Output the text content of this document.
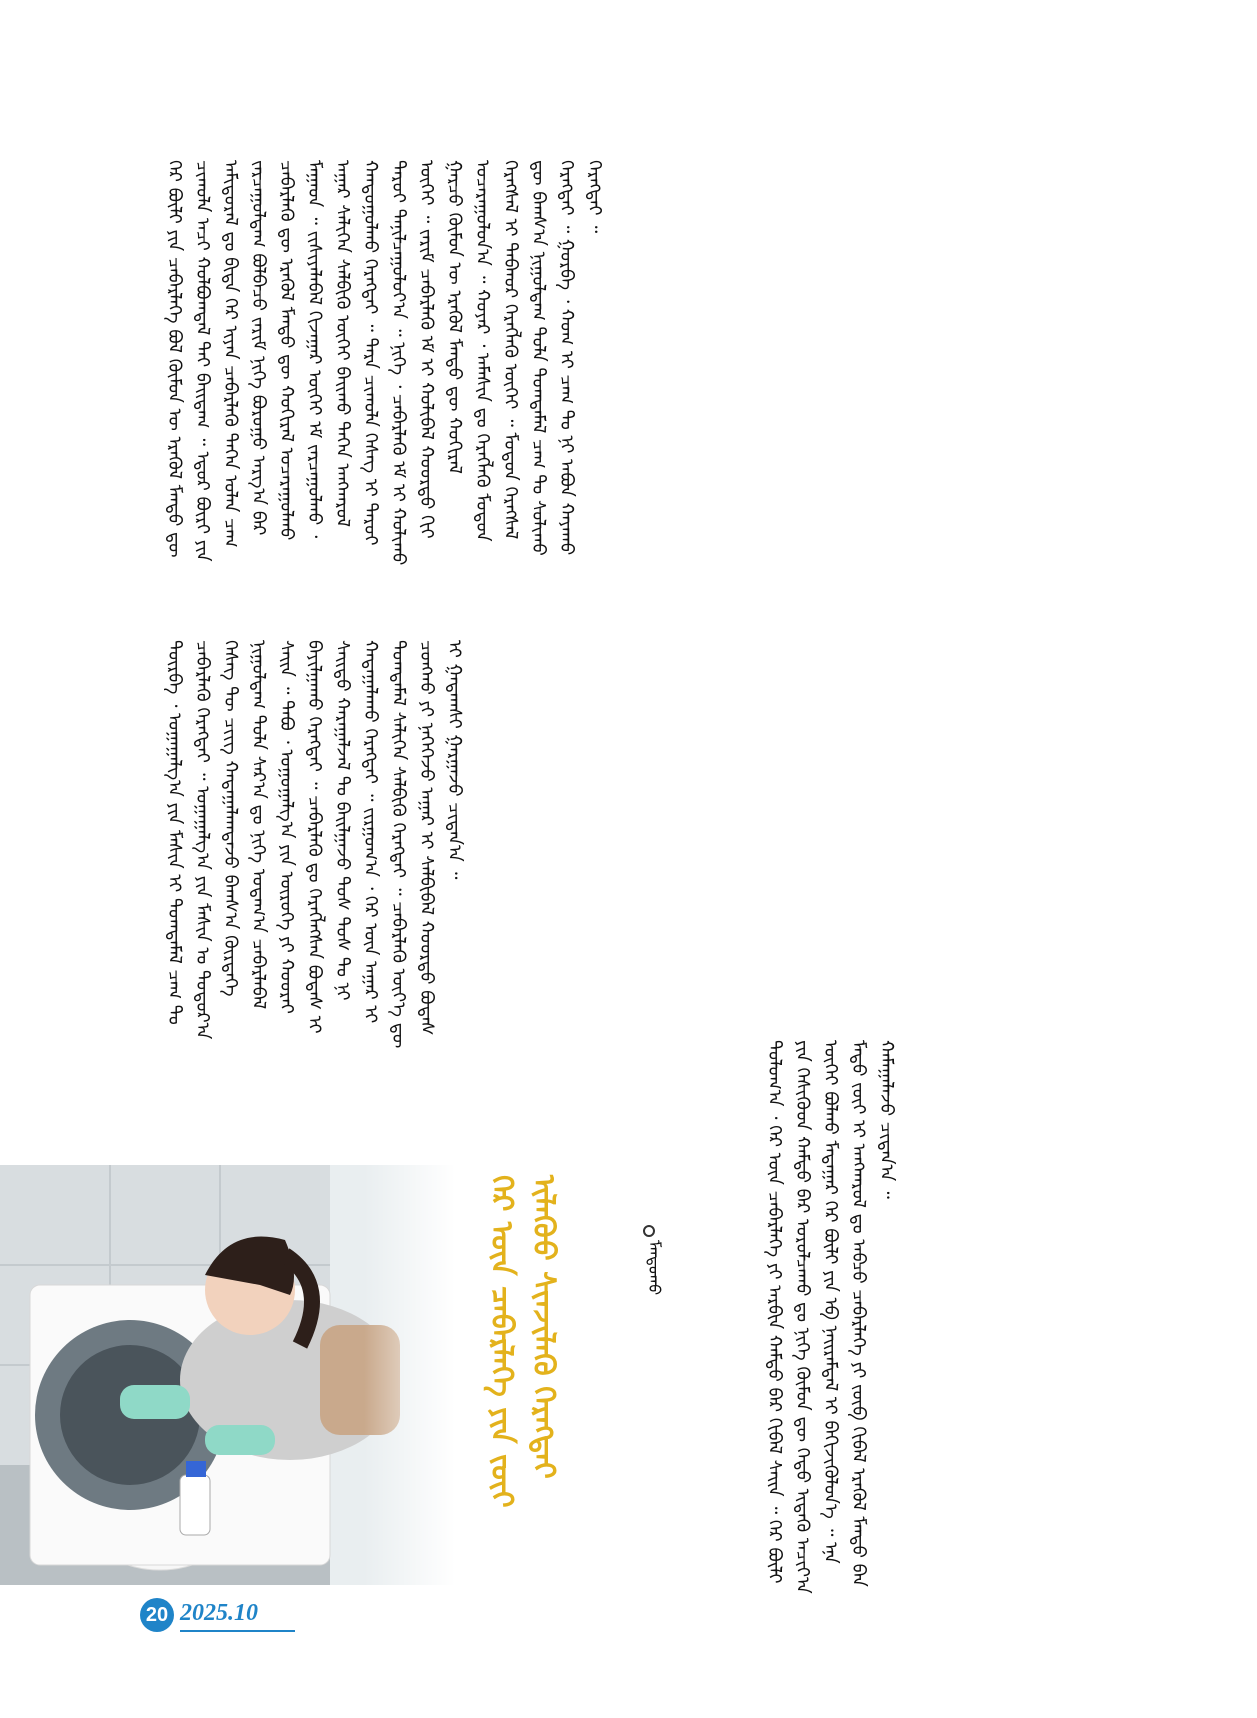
ᠭᠡᠷ ᠪᠦᠯᠢ ᠶᠢᠨ ᠴᠡᠪᠡᠷᠯᠡᠬᠡ ᠪᠣᠯ ᠬᠦᠮᠦᠨ ᠦ ᠡᠷᠡᠭᠦᠯ ᠮᠡᠨᠳᠦ ᠳᠦ ᠴᠢᠬᠤᠯᠠ ᠠᠴᠢ ᠬᠣᠯᠪᠣᠭᠳᠠᠯ ᠲᠠᠢ ᠪᠠᠢᠳᠠᠭ ᠃ ᠡᠳᠦᠷ ᠪᠦᠷᠢ ᠶᠢᠨ ᠠᠮᠢᠳᠤᠷᠠᠯ ᠳᠤ ᠪᠢᠳᠡ ᠭᠡᠷ ᠢᠶᠡᠨ ᠴᠡᠪᠡᠷᠯᠡᠬᠦ ᠳᠡᠭᠡᠨ ᠣᠯᠠᠨ ᠴᠠᠭ ᠵᠠᠷᠴᠠᠭᠤᠯᠳᠠᠭ ᠪᠣᠯᠪᠠᠴᠤ ᠵᠠᠷᠢᠮ ᠨᠢᠭᠡ ᠪᠤᠷᠤᠭᠤ ᠠᠷᠭ᠎ᠠ ᠪᠠᠷ ᠴᠡᠪᠡᠷᠯᠡᠬᠦ ᠳᠦ ᠡᠷᠡᠭᠦᠯ ᠮᠡᠨᠳᠦ ᠳᠦ ᠬᠣᠬᠢᠷᠠᠯ ᠤᠴᠠᠷᠠᠭᠤᠯᠬᠤ ᠮᠠᠭᠠᠳ ᠃ ᠵᠢᠱᠢᠶᠡᠯᠡᠪᠡᠯ ᠬᠢᠵᠠᠭᠠᠷ ᠦᠭᠡᠢ ᠡᠮ ᠵᠠᠷᠴᠠᠭᠤᠯᠬᠤ ᠂ ᠠᠭᠠᠷ ᠰᠡᠯᠢᠭᠡᠨ ᠰᠡᠯᠪᠢᠬᠦ ᠦᠭᠡᠢ ᠪᠠᠢᠬᠤ ᠳᠡᠭᠡᠨ ᠠᠩᠬᠠᠷᠤᠯ ᠬᠠᠨᠳᠤᠭᠤᠯᠬᠤ ᠬᠡᠷᠡᠭᠲᠡᠢ ᠃ ᠲᠡᠷᠡ ᠴᠢᠬᠤᠯᠠ ᠬᠡᠰᠡᠭ ᠢ ᠳᠠᠷᠤᠢ ᠳᠠᠷᠤᠢ ᠲᠠᠨᠢᠯᠴᠠᠭᠤᠯᠤᠶ᠎ᠠ ᠃ ᠨᠢᠭᠡ ᠂ ᠴᠡᠪᠡᠷᠯᠡᠬᠦ ᠡᠮ ᠢ ᠬᠣᠯᠢᠬᠤ ᠦᠭᠡᠢ ᠃ ᠵᠠᠷᠢᠮ ᠴᠡᠪᠡᠷᠯᠡᠬᠦ ᠡᠮ ᠢ ᠬᠣᠯᠢᠪᠠᠯ ᠬᠣᠣᠷᠲᠤ ᠬᠢᠢ ᠭᠠᠷᠴᠤ ᠬᠦᠮᠦᠨ ᠦ ᠡᠷᠡᠭᠦᠯ ᠮᠡᠨᠳᠦ ᠳᠦ ᠬᠣᠬᠢᠷᠠᠯ ᠤᠴᠠᠷᠠᠭᠤᠯᠤᠨ᠎ᠠ ᠃ ᠬᠣᠶᠠᠷ ᠂ ᠠᠮᠠᠰᠢᠨ ᠳᠤ ᠬᠡᠷᠡᠭᠯᠡᠬᠦ ᠮᠣᠳᠤᠨ ᠬᠡᠷᠡᠭᠰᠡᠯ ᠢ ᠳᠠᠪᠬᠤᠷ ᠬᠡᠷᠡᠭᠯᠡᠬᠦ ᠦᠭᠡᠢ ᠃ ᠮᠣᠳᠤᠨ ᠬᠡᠷᠡᠭᠰᠡᠯ ᠳᠦ ᠪᠠᠭᠰ᠎ᠠ ᠨᠢᠭᠤᠯᠳᠠᠭ ᠲᠤᠯᠠ ᠲᠣᠭᠲᠠᠮᠠᠯ ᠴᠠᠭ ᠲᠤ ᠰᠣᠯᠢᠬᠤ ᠬᠡᠷᠡᠭᠲᠡᠢ ᠃ ᠭᠤᠷᠪᠠ ᠂ ᠬᠣᠭ ᠢ ᠴᠠᠭ ᠲᠤ ᠨᠢ ᠠᠪᠤᠨ ᠬᠠᠶᠠᠬᠤ ᠬᠡᠷᠡᠭᠲᠡᠢ ᠃
ᠳᠥᠷᠪᠡ ᠂ ᠤᠭᠠᠭᠠᠯᠭ᠎ᠠ ᠶᠢᠨ ᠮᠠᠰᠢᠨ ᠢ ᠲᠣᠭᠲᠠᠮᠠᠯ ᠴᠠᠭ ᠲᠤ ᠴᠡᠪᠡᠷᠯᠡᠬᠦ ᠬᠡᠷᠡᠭᠲᠡᠢ ᠃ ᠤᠭᠠᠭᠠᠯᠭ᠎ᠠ ᠶᠢᠨ ᠮᠠᠰᠢᠨ ᠤ ᠳᠣᠲᠣᠷ᠎ᠠ ᠬᠡᠰᠡᠭ ᠲᠦ ᠴᠢᠢᠭ ᠬᠠᠳᠠᠭᠠᠯᠠᠭᠳᠠᠵᠤ ᠪᠠᠭᠰ᠎ᠠ ᠬᠦᠷᠲᠡᠭᠡ ᠨᠢᠭᠤᠯᠳᠠᠭ ᠲᠤᠯᠠ ᠰᠠᠷ᠎ᠠ ᠳᠤ ᠨᠢᠭᠡ ᠤᠳᠠᠭ᠎ᠠ ᠴᠡᠪᠡᠷᠯᠡᠪᠡᠯ ᠰᠠᠢᠨ ᠃ ᠲᠠᠪᠤ ᠂ ᠤᠭᠤᠭᠠᠯᠭ᠎ᠠ ᠶᠢᠨ ᠥᠷᠥᠭᠡ ᠶᠢ ᠬᠤᠤᠷᠠᠢ ᠪᠠᠶᠢᠯᠭᠠᠬᠤ ᠬᠡᠷᠡᠭᠲᠡᠢ ᠃ ᠴᠡᠪᠡᠷᠯᠡᠬᠦ ᠳᠤ ᠬᠡᠷᠡᠭᠯᠡᠭᠰᠡᠨ ᠪᠣᠳᠠᠰ ᠢ ᠰᠠᠢᠲᠤ ᠬᠠᠷᠠᠭᠠᠯᠵᠠᠯ ᠲᠤ ᠪᠠᠢᠯᠭᠠᠵᠤ ᠲᠤᠰ ᠲᠤᠰ ᠲᠤ ᠨᠢ ᠬᠠᠳᠠᠭᠠᠯᠠᠬᠤ ᠬᠡᠷᠡᠭᠲᠡᠢ ᠃ ᠵᠢᠷᠭᠤᠭ᠎ᠠ ᠂ ᠭᠡᠷ ᠦᠨ ᠠᠭᠠᠷ ᠢ ᠲᠣᠭᠲᠠᠮᠠᠯ ᠰᠡᠯᠢᠭᠡᠨ ᠰᠡᠯᠪᠢᠬᠦ ᠬᠡᠷᠡᠭᠲᠡᠢ ᠃ ᠴᠡᠪᠡᠷᠯᠡᠬᠦ ᠦᠶ᠎ᠡ ᠳᠦ ᠴᠣᠩᠬᠣ ᠶᠢ ᠨᠡᠭᠡᠭᠡᠵᠦ ᠠᠭᠠᠷ ᠢ ᠰᠡᠯᠪᠢᠪᠡᠯ ᠬᠣᠣᠷᠲᠤ ᠪᠣᠳᠠᠰ ᠢ ᠭᠠᠳᠠᠭᠰᠢ ᠭᠠᠷᠭᠠᠵᠤ ᠴᠢᠳᠠᠨ᠎ᠠ ᠃
ᠳᠣᠯᠣᠭ᠎ᠠ ᠂ ᠭᠡᠷ ᠦᠨ ᠴᠡᠪᠡᠷᠯᠡᠬᠡ ᠶᠢ ᠠᠷᠪᠢᠨ ᠬᠠᠮᠲᠤ ᠪᠡᠷ ᠬᠢᠪᠡᠯ ᠰᠠᠢᠨ ᠃ ᠭᠡᠷ ᠪᠦᠯᠢ ᠶᠢᠨ ᠭᠡᠰᠢᠭᠦᠳ ᠬᠠᠮᠲᠤ ᠪᠡᠷ ᠣᠷᠣᠯᠴᠠᠬᠤ ᠳᠤ ᠨᠢᠭᠡ ᠬᠦᠮᠦᠨ ᠳᠦ ᠬᠡᠲᠦ ᠢᠳᠡᠬᠦ ᠠᠴᠢᠶ᠎ᠠ ᠦᠭᠡᠢ ᠪᠣᠯᠬᠤ ᠮᠠᠲᠠᠭᠠᠷ ᠭᠡᠷ ᠪᠦᠯᠢ ᠶᠢᠨ ᠡᠪ ᠨᠠᠢᠷᠠᠮᠳᠠᠯ ᠢ ᠪᠡᠬᠢᠵᠢᠭᠦᠯᠦᠨ᠎ᠡ ᠃ ᠡᠨᠡ ᠮᠡᠲᠦ ᠵᠦᠢ ᠢ ᠠᠨᠭᠬᠠᠷᠤᠯ ᠳᠤ ᠠᠪᠴᠤ ᠴᠡᠪᠡᠷᠯᠡᠬᠡ ᠶᠢ ᠵᠥᠪ ᠬᠢᠪᠡᠯ ᠡᠷᠡᠭᠦᠯ ᠮᠡᠨᠳᠦ ᠪᠡᠨ ᠬᠠᠮᠠᠭᠠᠯᠠᠵᠤ ᠴᠢᠳᠠᠨ᠎ᠠ ᠃
ᠭᠡᠷ ᠦᠨ ᠴᠡᠪᠡᠷᠯᠡᠬᠡ ᠶᠢᠨ ᠵᠦᠢ ᠢᠯᠡᠭᠦᠦ ᠰᠢᠨᠵᠢᠯᠡᠬᠦ ᠬᠡᠷᠡᠭᠲᠡᠢ	ᠮᠠᠨᠳᠤᠬᠤ
20 2025.10
